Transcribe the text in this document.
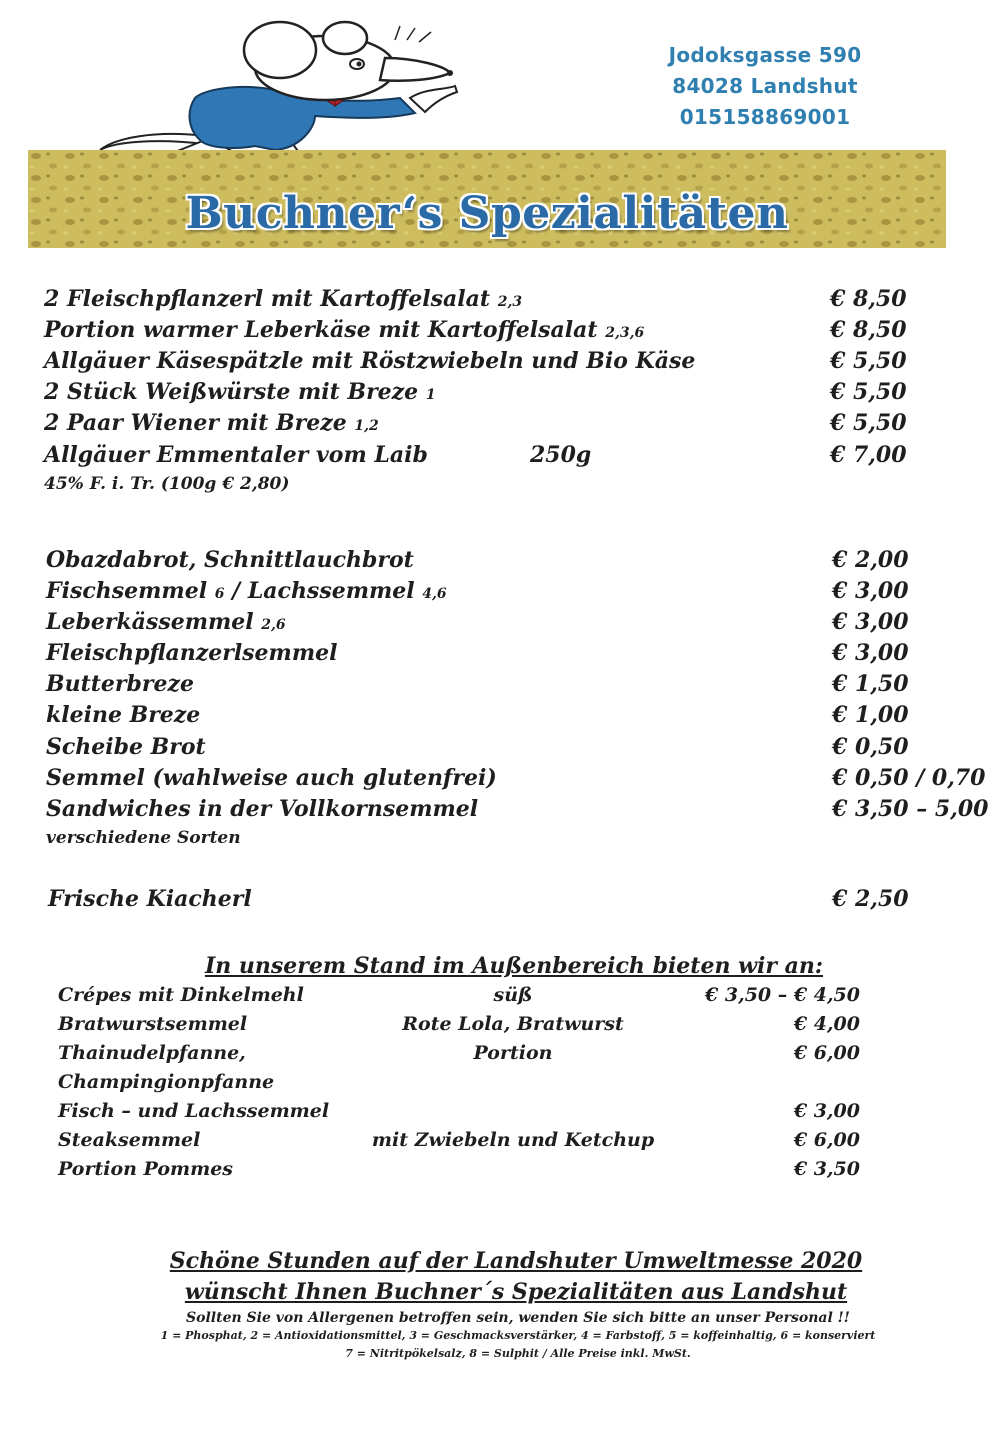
Jodoksgasse 590
84028 Landshut
015158869001
Buchner‘s Spezialitäten
2 Fleischpflanzerl mit Kartoffelsalat 2,3	€ 8,50
Portion warmer Leberkäse mit Kartoffelsalat 2,3,6	€ 8,50
Allgäuer Käsespätzle mit Röstzwiebeln und Bio Käse	€ 5,50
2 Stück Weißwürste mit Breze 1	€ 5,50
2 Paar Wiener mit Breze 1,2	€ 5,50
Allgäuer Emmentaler vom Laib	250g	€ 7,00
45% F. i. Tr. (100g € 2,80)
Obazdabrot, Schnittlauchbrot	€ 2,00
Fischsemmel 6 / Lachssemmel 4,6	€ 3,00
Leberkässemmel 2,6	€ 3,00
Fleischpflanzerlsemmel	€ 3,00
Butterbreze	€ 1,50
kleine Breze	€ 1,00
Scheibe Brot	€ 0,50
Semmel (wahlweise auch glutenfrei)	€ 0,50 / 0,70
Sandwiches in der Vollkornsemmel	€ 3,50 – 5,00
verschiedene Sorten
Frische Kiacherl	€ 2,50
In unserem Stand im Außenbereich bieten wir an:
Crépes mit Dinkelmehl	süß	€ 3,50 – € 4,50
Bratwurstsemmel	Rote Lola, Bratwurst	€ 4,00
Thainudelpfanne,	Portion	€ 6,00
Champingionpfanne
Fisch – und Lachssemmel	€ 3,00
Steaksemmel	mit Zwiebeln und Ketchup	€ 6,00
Portion Pommes	€ 3,50
Schöne Stunden auf der Landshuter Umweltmesse 2020
wünscht Ihnen Buchner´s Spezialitäten aus Landshut
Sollten Sie von Allergenen betroffen sein, wenden Sie sich bitte an unser Personal !!
1 = Phosphat, 2 = Antioxidationsmittel, 3 = Geschmacksverstärker, 4 = Farbstoff, 5 = koffeinhaltig, 6 = konserviert
7 = Nitritpökelsalz, 8 = Sulphit / Alle Preise inkl. MwSt.
